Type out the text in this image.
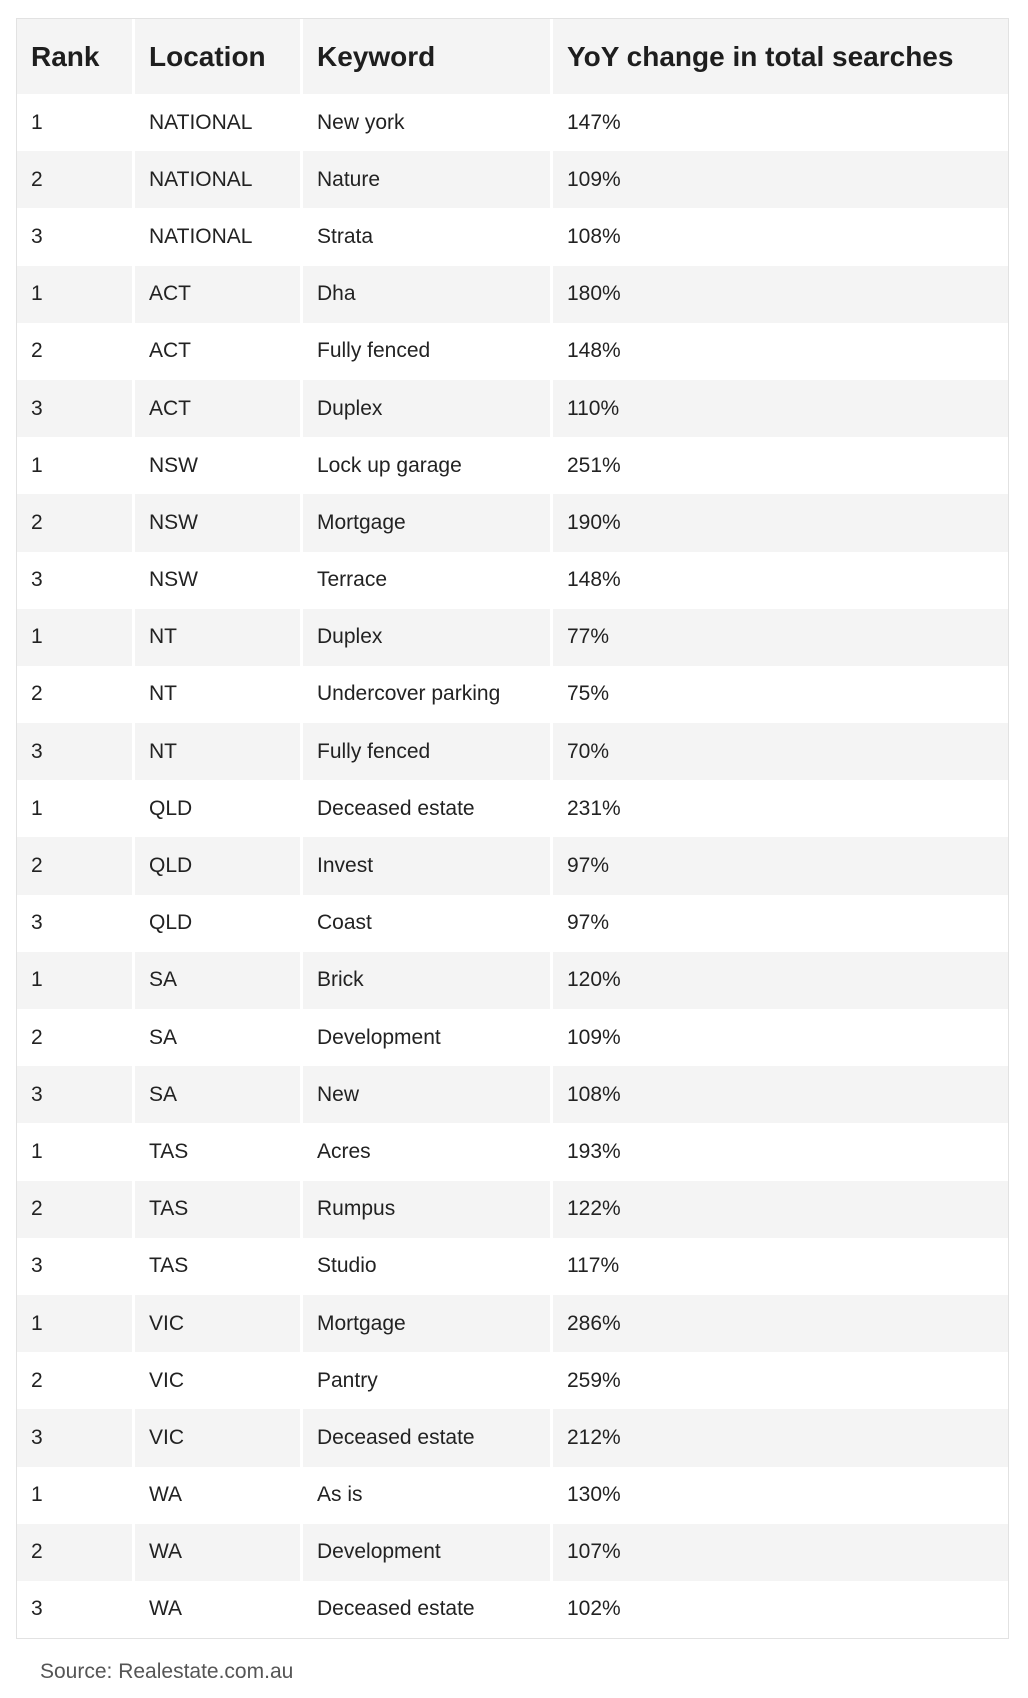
Rank	Location	Keyword	YoY change in total searches
1	NATIONAL	New york	147%
2	NATIONAL	Nature	109%
3	NATIONAL	Strata	108%
1	ACT	Dha	180%
2	ACT	Fully fenced	148%
3	ACT	Duplex	110%
1	NSW	Lock up garage	251%
2	NSW	Mortgage	190%
3	NSW	Terrace	148%
1	NT	Duplex	77%
2	NT	Undercover parking	75%
3	NT	Fully fenced	70%
1	QLD	Deceased estate	231%
2	QLD	Invest	97%
3	QLD	Coast	97%
1	SA	Brick	120%
2	SA	Development	109%
3	SA	New	108%
1	TAS	Acres	193%
2	TAS	Rumpus	122%
3	TAS	Studio	117%
1	VIC	Mortgage	286%
2	VIC	Pantry	259%
3	VIC	Deceased estate	212%
1	WA	As is	130%
2	WA	Development	107%
3	WA	Deceased estate	102%
Source: Realestate.com.au
